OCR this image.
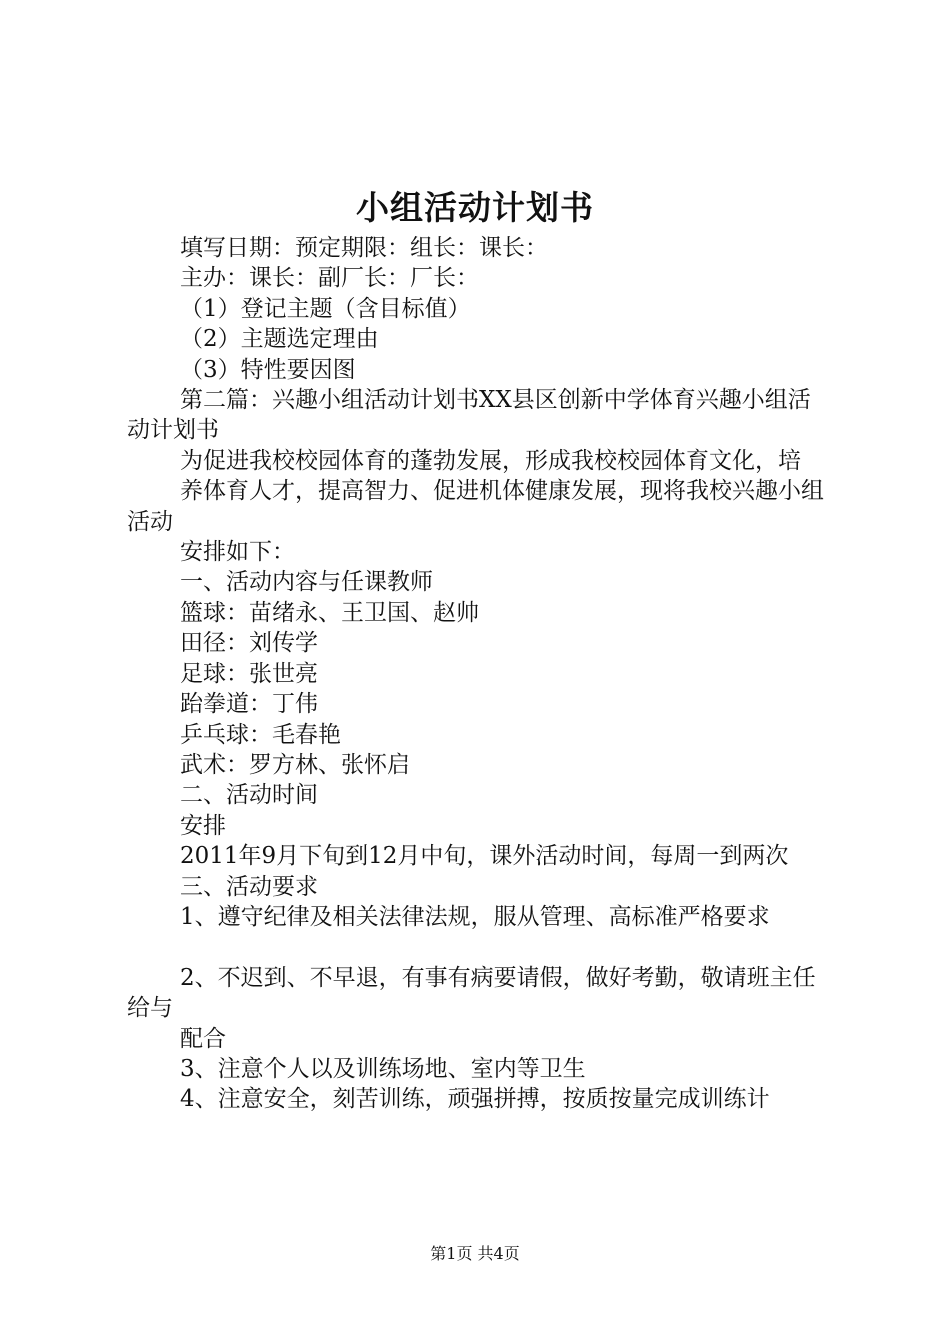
小组活动计划书

填写日期：预定期限：组长：课长：

主办：课长：副厂长：厂长：

（1）登记主题（含目标值）

（2）主题选定理由

（3）特性要因图

第二篇：兴趣小组活动计划书XX县区创新中学体育兴趣小组活动计划书

为促进我校校园体育的蓬勃发展，形成我校校园体育文化，培

养体育人才，提高智力、促进机体健康发展，现将我校兴趣小组活动

安排如下：

一、活动内容与任课教师

篮球：苗绪永、王卫国、赵帅

田径：刘传学

足球：张世亮

跆拳道：丁伟

乒乓球：毛春艳

武术：罗方林、张怀启

二、活动时间

安排

2011年9月下旬到12月中旬，课外活动时间，每周一到两次

三、活动要求

1、遵守纪律及相关法律法规，服从管理、高标准严格要求

2、不迟到、不早退，有事有病要请假，做好考勤，敬请班主任给与

配合

3、注意个人以及训练场地、室内等卫生

4、注意安全，刻苦训练，顽强拼搏，按质按量完成训练计

第1页 共4页
